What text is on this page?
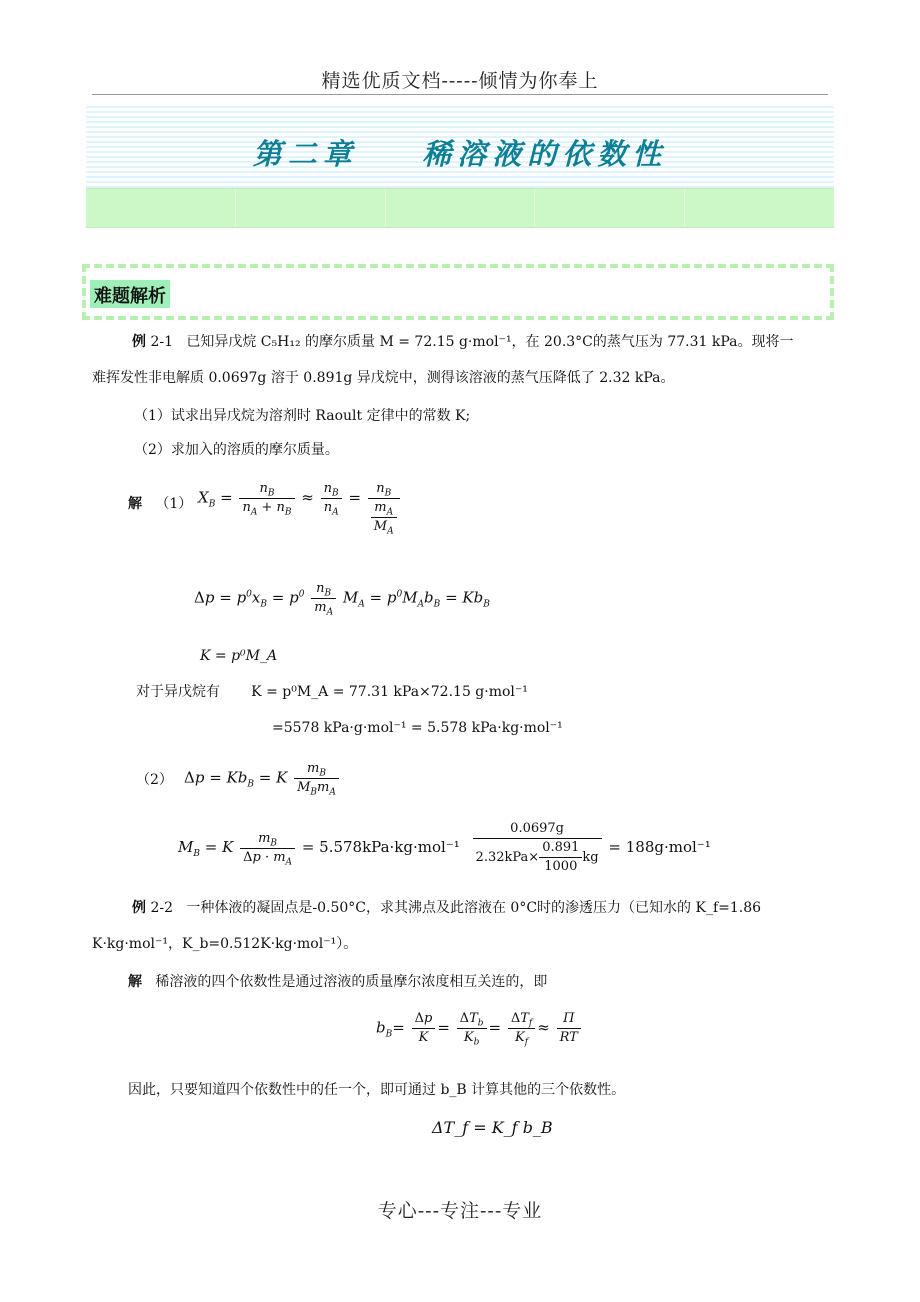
精选优质文档-----倾情为你奉上
第二章 稀溶液的依数性
难题解析
例 2-1 已知异戊烷 C₅H₁₂ 的摩尔质量 M = 72.15 g·mol⁻¹，在 20.3°C的蒸气压为 77.31 kPa。现将一
难挥发性非电解质 0.0697g 溶于 0.891g 异戊烷中，测得该溶液的蒸气压降低了 2.32 kPa。
（1）试求出异戊烷为溶剂时 Raoult 定律中的常数 K;
（2）求加入的溶质的摩尔质量。
解 （1） $X_B = \frac{n_B}{n_A + n_B} \approx \frac{n_B}{n_A} = \frac{n_B}{\frac{m_A}{M_A}}$
$\Delta p = p^0x_B = p^0 \frac{n_B}{m_A} M_A = p^0M_Ab_B = Kb_B$
K = p⁰M_A
对于异戊烷有 K = p⁰M_A = 77.31 kPa×72.15 g·mol⁻¹
=5578 kPa·g·mol⁻¹ = 5.578 kPa·kg·mol⁻¹
（2） $\Delta p = Kb_B = K \frac{m_B}{M_Bm_A}$
$M_B = K \frac{m_B}{\Delta p \cdot m_A} = 5.578kPa\cdot kg\cdot mol^{-1} \frac{0.0697g}{2.32kPa\times \frac{0.891}{1000} kg} = 188g\cdot mol^{-1}$
例 2-2 一种体液的凝固点是-0.50°C，求其沸点及此溶液在 0°C时的渗透压力（已知水的 K_f=1.86
K·kg·mol⁻¹，K_b=0.512K·kg·mol⁻¹）。
解 稀溶液的四个依数性是通过溶液的质量摩尔浓度相互关连的，即
$b_B= \frac{\Delta p}{K} = \frac{\Delta T_b}{K_b} = \frac{\Delta T_f}{K_f} \approx \frac{\Pi}{RT}$
因此，只要知道四个依数性中的任一个，即可通过 b_B 计算其他的三个依数性。
ΔT_f = K_f b_B
专心---专注---专业
